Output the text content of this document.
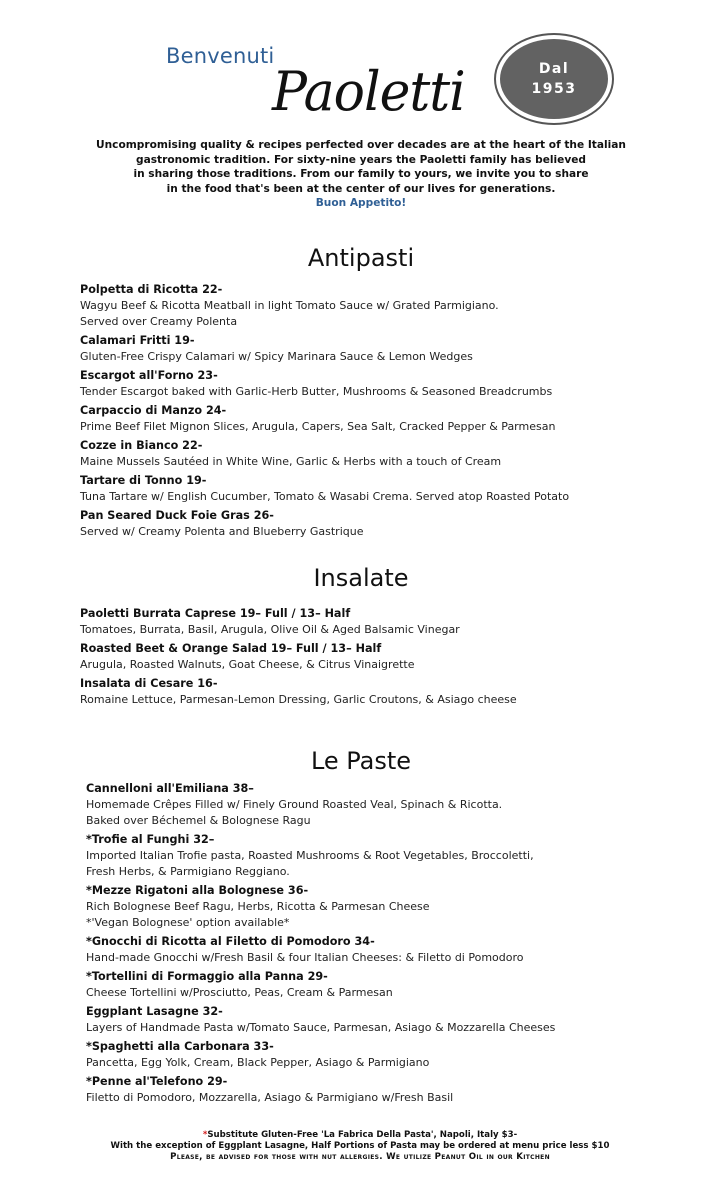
Benvenuti
Paoletti	Dal
1953
Uncompromising quality & recipes perfected over decades are at the heart of the Italian
gastronomic tradition. For sixty-nine years the Paoletti family has believed
in sharing those traditions. From our family to yours, we invite you to share
in the food that's been at the center of our lives for generations.
Buon Appetito!
Antipasti
Polpetta di Ricotta 22-
Wagyu Beef & Ricotta Meatball in light Tomato Sauce w/ Grated Parmigiano.
Served over Creamy Polenta
Calamari Fritti 19-
Gluten-Free Crispy Calamari w/ Spicy Marinara Sauce & Lemon Wedges
Escargot all'Forno 23-
Tender Escargot baked with Garlic-Herb Butter, Mushrooms & Seasoned Breadcrumbs
Carpaccio di Manzo 24-
Prime Beef Filet Mignon Slices, Arugula, Capers, Sea Salt, Cracked Pepper & Parmesan
Cozze in Bianco 22-
Maine Mussels Sautéed in White Wine, Garlic & Herbs with a touch of Cream
Tartare di Tonno 19-
Tuna Tartare w/ English Cucumber, Tomato & Wasabi Crema. Served atop Roasted Potato
Pan Seared Duck Foie Gras 26-
Served w/ Creamy Polenta and Blueberry Gastrique
Insalate
Paoletti Burrata Caprese 19– Full / 13– Half
Tomatoes, Burrata, Basil, Arugula, Olive Oil & Aged Balsamic Vinegar
Roasted Beet & Orange Salad 19– Full / 13– Half
Arugula, Roasted Walnuts, Goat Cheese, & Citrus Vinaigrette
Insalata di Cesare 16-
Romaine Lettuce, Parmesan-Lemon Dressing, Garlic Croutons, & Asiago cheese
Le Paste
Cannelloni all'Emiliana 38–
Homemade Crêpes Filled w/ Finely Ground Roasted Veal, Spinach & Ricotta.
Baked over Béchemel & Bolognese Ragu
*Trofie al Funghi 32–
Imported Italian Trofie pasta, Roasted Mushrooms & Root Vegetables, Broccoletti,
Fresh Herbs, & Parmigiano Reggiano.
*Mezze Rigatoni alla Bolognese 36-
Rich Bolognese Beef Ragu, Herbs, Ricotta & Parmesan Cheese
*'Vegan Bolognese' option available*
*Gnocchi di Ricotta al Filetto di Pomodoro 34-
Hand-made Gnocchi w/Fresh Basil & four Italian Cheeses: & Filetto di Pomodoro
*Tortellini di Formaggio alla Panna 29-
Cheese Tortellini w/Prosciutto, Peas, Cream & Parmesan
Eggplant Lasagne 32-
Layers of Handmade Pasta w/Tomato Sauce, Parmesan, Asiago & Mozzarella Cheeses
*Spaghetti alla Carbonara 33-
Pancetta, Egg Yolk, Cream, Black Pepper, Asiago & Parmigiano
*Penne al'Telefono 29-
Filetto di Pomodoro, Mozzarella, Asiago & Parmigiano w/Fresh Basil
*Substitute Gluten-Free 'La Fabrica Della Pasta', Napoli, Italy $3-
With the exception of Eggplant Lasagne, Half Portions of Pasta may be ordered at menu price less $10
Please, be advised for those with nut allergies. We utilize Peanut Oil in our Kitchen
